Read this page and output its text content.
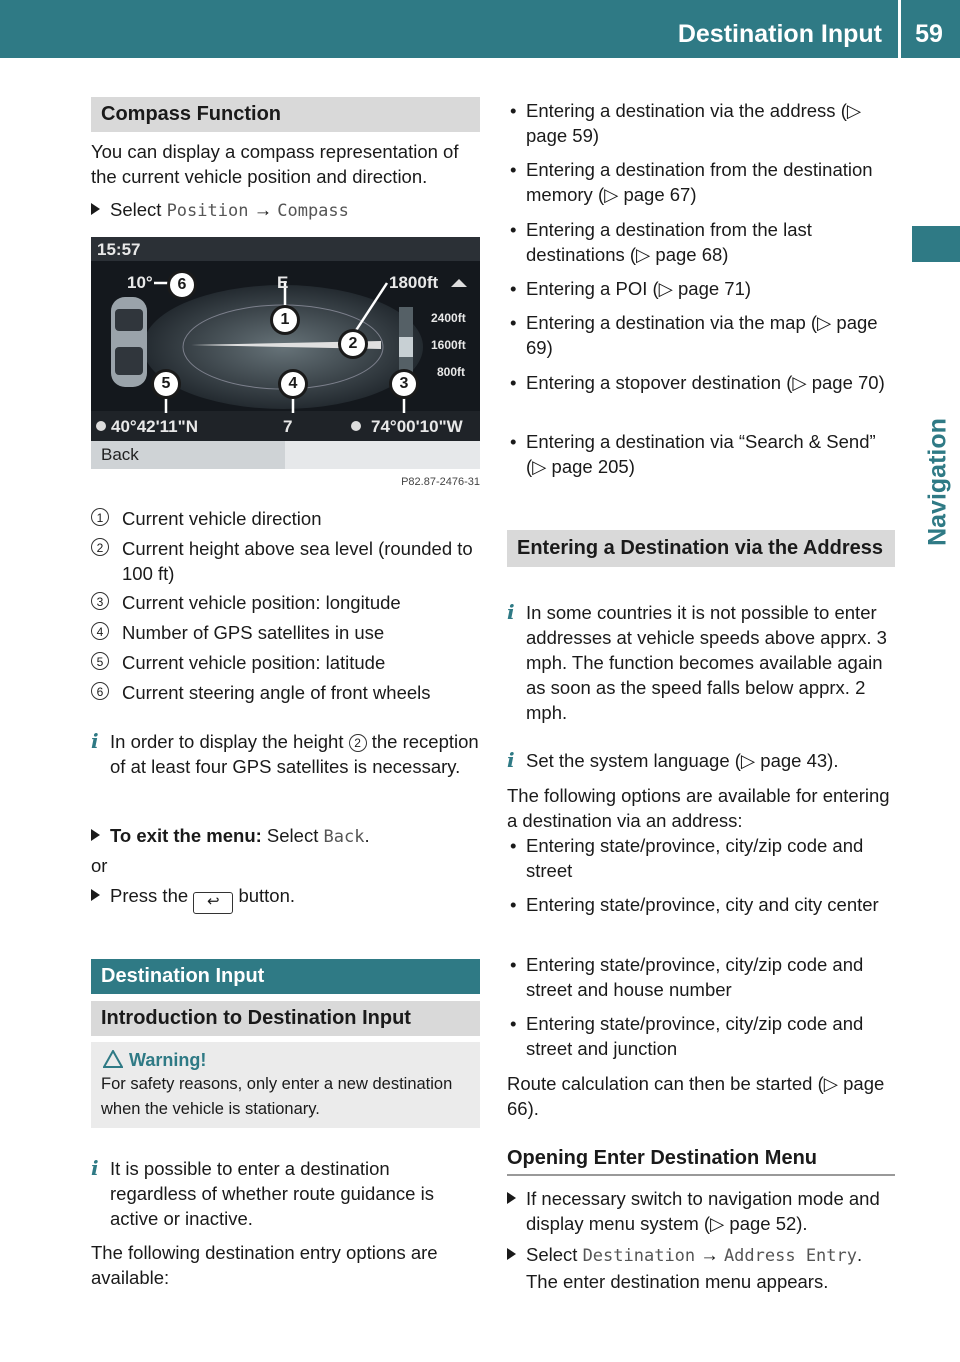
Destination Input	59
Navigation
Compass Function
You can display a compass representation of the current vehicle position and direction.
Select Position → Compass
15:57
10°	E	1800ft
2400ft
1600ft
800ft
40°42'11"N	7	74°00'10"W
Back
1
2
3
4
5
6
P82.87-2476-31
1	Current vehicle direction
2	Current height above sea level (rounded to 100 ft)
3	Current vehicle position: longitude
4	Number of GPS satellites in use
5	Current vehicle position: latitude
6	Current steering angle of front wheels
i In order to display the height 2 the reception of at least four GPS satellites is necessary.
To exit the menu: Select Back.
or
Press the ↩ button.
Destination Input
Introduction to Destination Input
Warning!
For safety reasons, only enter a new destination when the vehicle is stationary.
i It is possible to enter a destination regardless of whether route guidance is active or inactive.
The following destination entry options are available:
• Entering a destination via the address (▷ page 59)
• Entering a destination from the destination memory (▷ page 67)
• Entering a destination from the last destinations (▷ page 68)
• Entering a POI (▷ page 71)
• Entering a destination via the map (▷ page 69)
• Entering a stopover destination (▷ page 70)
• Entering a destination via “Search & Send” (▷ page 205)
Entering a Destination via the Address
i In some countries it is not possible to enter addresses at vehicle speeds above apprx. 3 mph. The function becomes available again as soon as the speed falls below apprx. 2 mph.
i Set the system language (▷ page 43).
The following options are available for entering a destination via an address:
• Entering state/province, city/zip code and street
• Entering state/province, city and city center
• Entering state/province, city/zip code and street and house number
• Entering state/province, city/zip code and street and junction
Route calculation can then be started (▷ page 66).
Opening Enter Destination Menu
If necessary switch to navigation mode and display menu system (▷ page 52).
Select Destination → Address Entry. The enter destination menu appears.
